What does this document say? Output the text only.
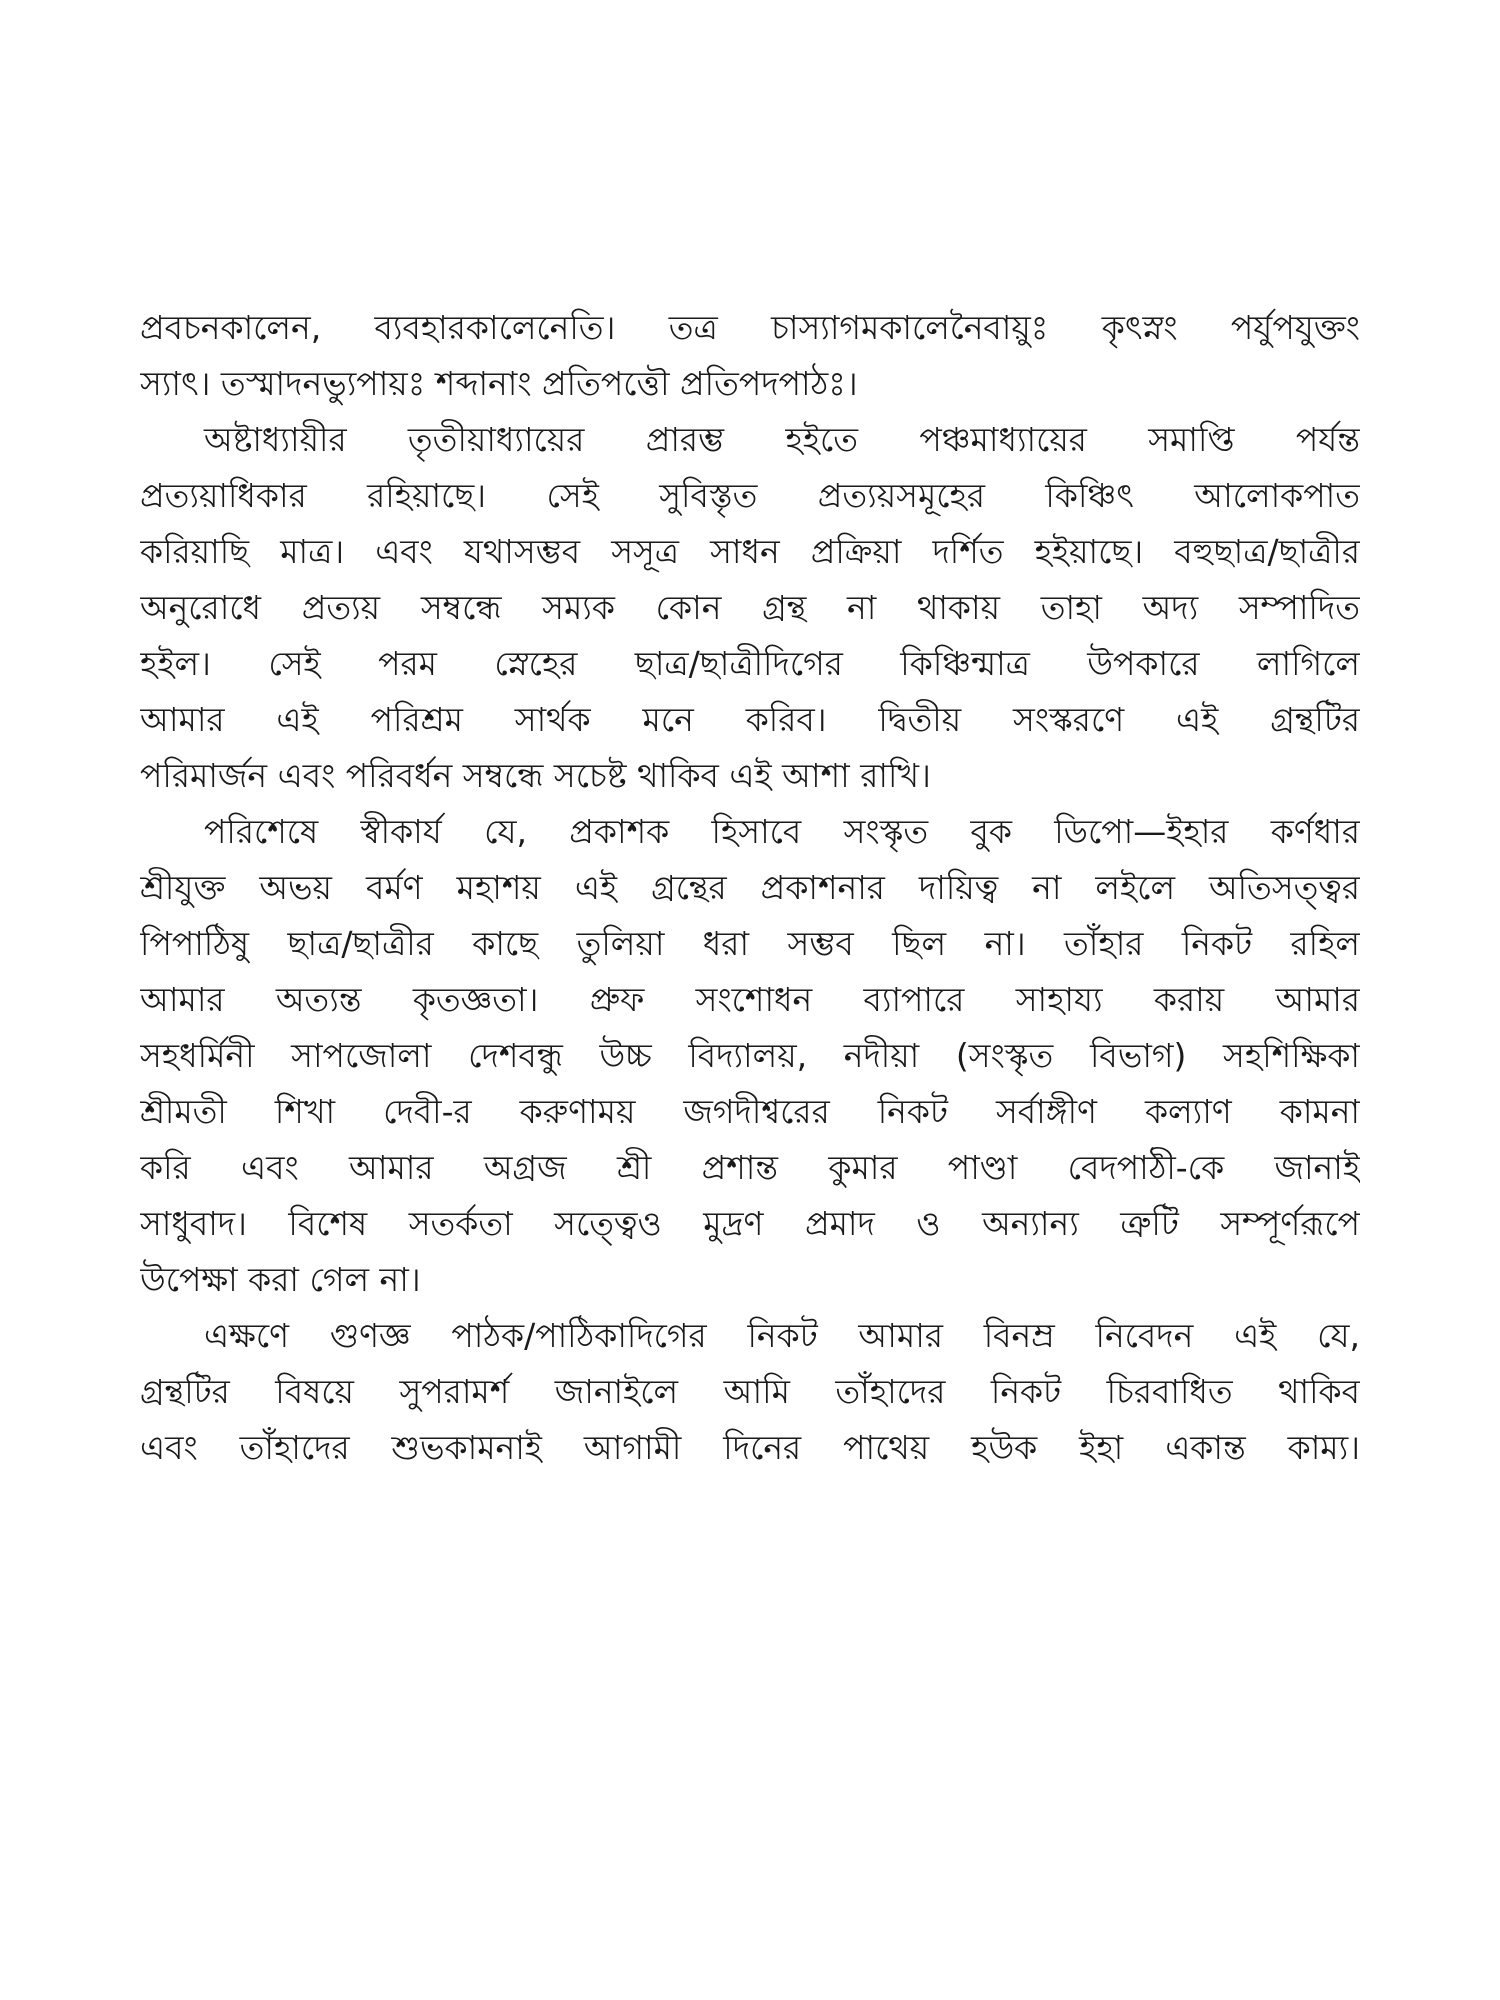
প্রবচনকালেন, ব্যবহারকালেনেতি। তত্র চাস্যাগমকালেনৈবায়ুঃ কৃৎস্নং পর্যুপযুক্তং
স্যাৎ। তস্মাদনভ্যুপায়ঃ শব্দানাং প্রতিপত্তৌ প্রতিপদপাঠঃ।
অষ্টাধ্যায়ীর তৃতীয়াধ্যায়ের প্রারম্ভ হইতে পঞ্চমাধ্যায়ের সমাপ্তি পর্যন্ত
প্রত্যয়াধিকার রহিয়াছে। সেই সুবিস্তৃত প্রত্যয়সমূহের কিঞ্চিৎ আলোকপাত
করিয়াছি মাত্র। এবং যথাসম্ভব সসূত্র সাধন প্রক্রিয়া দর্শিত হইয়াছে। বহুছাত্র/ছাত্রীর
অনুরোধে প্রত্যয় সম্বন্ধে সম্যক কোন গ্রন্থ না থাকায় তাহা অদ্য সম্পাদিত
হইল। সেই পরম স্নেহের ছাত্র/ছাত্রীদিগের কিঞ্চিন্মাত্র উপকারে লাগিলে
আমার এই পরিশ্রম সার্থক মনে করিব। দ্বিতীয় সংস্করণে এই গ্রন্থটির
পরিমার্জন এবং পরিবর্ধন সম্বন্ধে সচেষ্ট থাকিব এই আশা রাখি।
পরিশেষে স্বীকার্য যে, প্রকাশক হিসাবে সংস্কৃত বুক ডিপো—ইহার কর্ণধার
শ্রীযুক্ত অভয় বর্মণ মহাশয় এই গ্রন্থের প্রকাশনার দায়িত্ব না লইলে অতিসত্ত্বর
পিপাঠিষু ছাত্র/ছাত্রীর কাছে তুলিয়া ধরা সম্ভব ছিল না। তাঁহার নিকট রহিল
আমার অত্যন্ত কৃতজ্ঞতা। প্রুফ সংশোধন ব্যাপারে সাহায্য করায় আমার
সহধর্মিনী সাপজোলা দেশবন্ধু উচ্চ বিদ্যালয়, নদীয়া (সংস্কৃত বিভাগ) সহশিক্ষিকা
শ্রীমতী শিখা দেবী-র করুণাময় জগদীশ্বরের নিকট সর্বাঙ্গীণ কল্যাণ কামনা
করি এবং আমার অগ্রজ শ্রী প্রশান্ত কুমার পাণ্ডা বেদপাঠী-কে জানাই
সাধুবাদ। বিশেষ সতর্কতা সত্ত্বেও মুদ্রণ প্রমাদ ও অন্যান্য ত্রুটি সম্পূর্ণরূপে
উপেক্ষা করা গেল না।
এক্ষণে গুণজ্ঞ পাঠক/পাঠিকাদিগের নিকট আমার বিনম্র নিবেদন এই যে,
গ্রন্থটির বিষয়ে সুপরামর্শ জানাইলে আমি তাঁহাদের নিকট চিরবাধিত থাকিব
এবং তাঁহাদের শুভকামনাই আগামী দিনের পাথেয় হউক ইহা একান্ত কাম্য।
